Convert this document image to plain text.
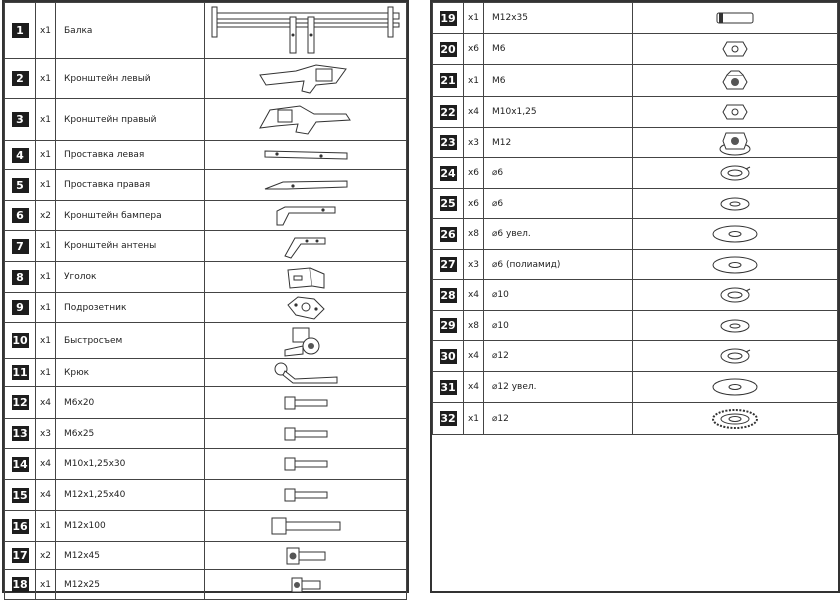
1	x1	Балка	

2	x1	Кронштейн левый	

3	x1	Кронштейн правый	

4	x1	Проставка левая	

5	x1	Проставка правая	

6	x2	Кронштейн бампера	

7	x1	Кронштейн антены	

8	x1	Уголок	

9	x1	Подрозетник	

10	x1	Быстросъем	

11	x1	Крюк	

12	x4	M6x20	

13	x3	M6x25	

14	x4	M10x1,25x30	

15	x4	M12x1,25x40	

16	x1	M12x100	

17	x2	M12x45	

18	x1	M12x25	
19	x1	M12x35	

20	x6	M6	

21	x1	M6	

22	x4	M10x1,25	

23	x3	M12	

24	x6	⌀6	

25	x6	⌀6	

26	x8	⌀6 увел.	

27	x3	⌀6 (полиамид)	

28	x4	⌀10	

29	x8	⌀10	

30	x4	⌀12	

31	x4	⌀12 увел.	

32	x1	⌀12	
